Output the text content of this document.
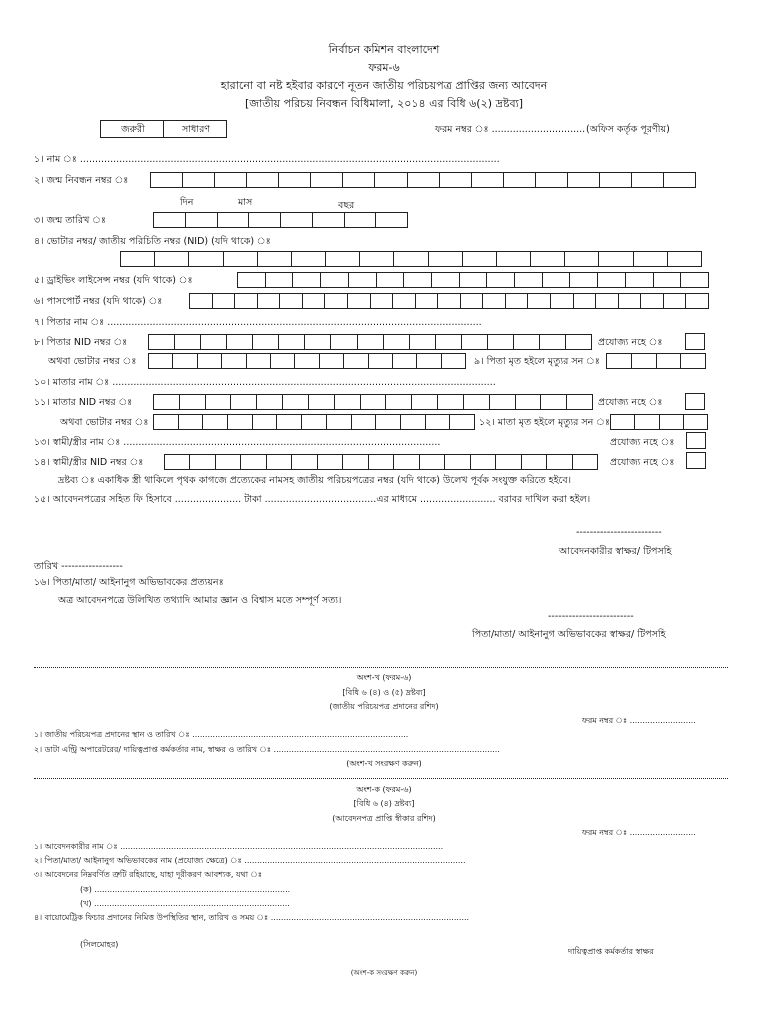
নির্বাচন কমিশন বাংলাদেশ
ফরম-৬
হারানো বা নষ্ট হইবার কারণে নূতন জাতীয় পরিচয়পত্র প্রাপ্তির জন্য আবেদন
[জাতীয় পরিচয় নিবন্ধন বিধিমালা, ২০১৪ এর বিধি ৬(২) দ্রষ্টব্য]
জরুরী	সাধারণ	ফরম নম্বর ঃ ............................... (অফিস কর্তৃক পূরণীয়)
১। নাম ঃ ...........................................................................................................................................
২। জন্ম নিবন্ধন নম্বর ঃ
দিন	মাস	বছর
৩। জন্ম তারিখ ঃ
৪। ভোটার নম্বর/ জাতীয় পরিচিতি নম্বর (NID) (যদি থাকে) ঃ
৫। ড্রাইভিং লাইসেন্স নম্বর (যদি থাকে) ঃ
৬। পাসপোর্ট নম্বর (যদি থাকে) ঃ
৭। পিতার নাম ঃ ............................................................................................................................
৮। পিতার NID নম্বর ঃ	প্রযোজ্য নহে ঃ
অথবা ভোটার নম্বর ঃ	৯। পিতা মৃত হইলে মৃত্যুর সন ঃ
১০। মাতার নাম ঃ ...............................................................................................................................
১১। মাতার NID নম্বর ঃ	প্রযোজ্য নহে ঃ
অথবা ভোটার নম্বর ঃ	১২। মাতা মৃত হইলে মৃত্যুর সন ঃ
১৩। স্বামী/স্ত্রীর নাম ঃ .........................................................................................................	প্রযোজ্য নহে ঃ
১৪। স্বামী/স্ত্রীর NID নম্বর ঃ	প্রযোজ্য নহে ঃ
দ্রষ্টব্য ঃ একাধিক স্ত্রী থাকিলে পৃথক কাগজে প্রত্যেকের নামসহ জাতীয় পরিচয়পত্রের নম্বর (যদি থাকে) উলেখ পূর্বক সংযুক্ত করিতে হইবে।
১৫। আবেদনপত্রের সহিত ফি হিসাবে ...................... টাকা .....................................এর মাধ্যমে ......................... বরাবর দাখিল করা হইল।
-------------------------
আবেদনকারীর স্বাক্ষর/ টিপসহি
তারিখ ------------------
১৬। পিতা/মাতা/ আইনানুগ অভিভাবকের প্রত্যয়নঃ
অত্র আবেদনপত্রে উলিখিত তথ্যাদি আমার জ্ঞান ও বিশ্বাস মতে সম্পূর্ণ সত্য।
-------------------------
পিতা/মাতা/ আইনানুগ অভিভাবকের স্বাক্ষর/ টিপসহি
অংশ-খ (ফরম-৬)
[বিধি ৬ (৪) ও (৫) দ্রষ্টব্য]
(জাতীয় পরিচয়পত্র প্রদানের রশিদ)
ফরম নম্বর ঃ ..........................
১। জাতীয় পরিচয়পত্র প্রদানের স্থান ও তারিখ ঃ .....................................................................................
২। ডাটা এন্ট্রি অপারেটরের/ দায়িত্বপ্রাপ্ত কর্মকর্তার নাম, স্বাক্ষর ও তারিখ ঃ .........................................................................................
(অংশ-খ সংরক্ষণ করুন)
অংশ-ক (ফরম-৬)
[বিধি ৬ (৪) দ্রষ্টব্য]
(আবেদনপত্র প্রাপ্তি স্বীকার রশিদ)
ফরম নম্বর ঃ ..........................
১। আবেদনকারীর নাম ঃ ...............................................................................................................................
২। পিতা/মাতা/ আইনানুগ অভিভাবকের নাম (প্রযোজ্য ক্ষেত্রে) ঃ .......................................................................................
৩। আবেদনের নিম্নবর্ণিত ত্রুটি রহিয়াছে, যাহা দূরীকরণ আবশ্যক, যথা ঃ
(ক) .............................................................................
(খ) .............................................................................
৪। বায়োমেট্রিক ফিচার প্রদানের নিমিত্ত উপস্থিতির স্থান, তারিখ ও সময় ঃ ..............................................................................
(সিলমোহর)
দায়িত্বপ্রাপ্ত কর্মকর্তার স্বাক্ষর
(অংশ-ক সংরক্ষণ করুন)
